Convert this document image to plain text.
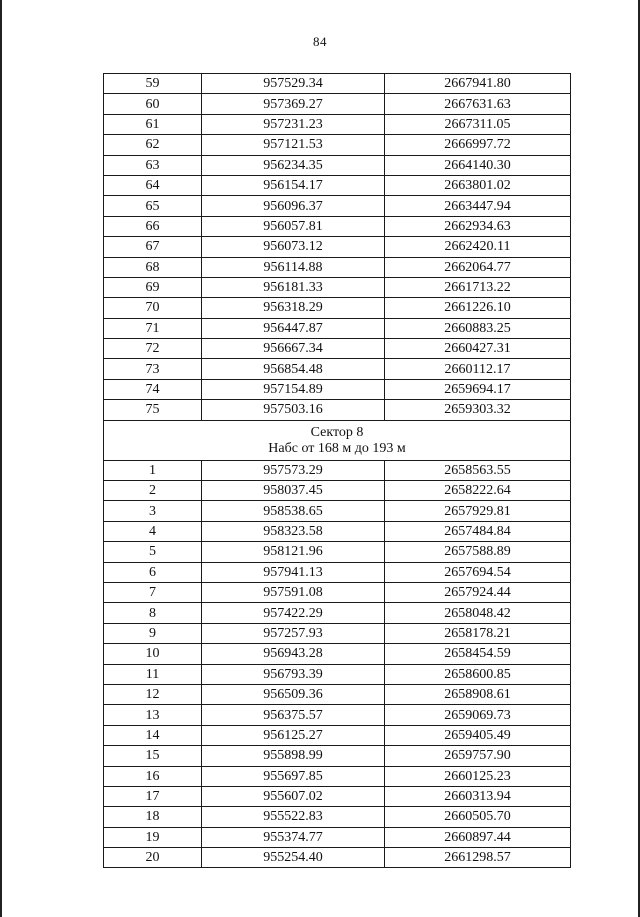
84
59	957529.34	2667941.80
60	957369.27	2667631.63
61	957231.23	2667311.05
62	957121.53	2666997.72
63	956234.35	2664140.30
64	956154.17	2663801.02
65	956096.37	2663447.94
66	956057.81	2662934.63
67	956073.12	2662420.11
68	956114.88	2662064.77
69	956181.33	2661713.22
70	956318.29	2661226.10
71	956447.87	2660883.25
72	956667.34	2660427.31
73	956854.48	2660112.17
74	957154.89	2659694.17
75	957503.16	2659303.32

Сектор 8
Набс от 168 м до 193 м		

1	957573.29	2658563.55
2	958037.45	2658222.64
3	958538.65	2657929.81
4	958323.58	2657484.84
5	958121.96	2657588.89
6	957941.13	2657694.54
7	957591.08	2657924.44
8	957422.29	2658048.42
9	957257.93	2658178.21
10	956943.28	2658454.59
11	956793.39	2658600.85
12	956509.36	2658908.61
13	956375.57	2659069.73
14	956125.27	2659405.49
15	955898.99	2659757.90
16	955697.85	2660125.23
17	955607.02	2660313.94
18	955522.83	2660505.70
19	955374.77	2660897.44
20	955254.40	2661298.57
